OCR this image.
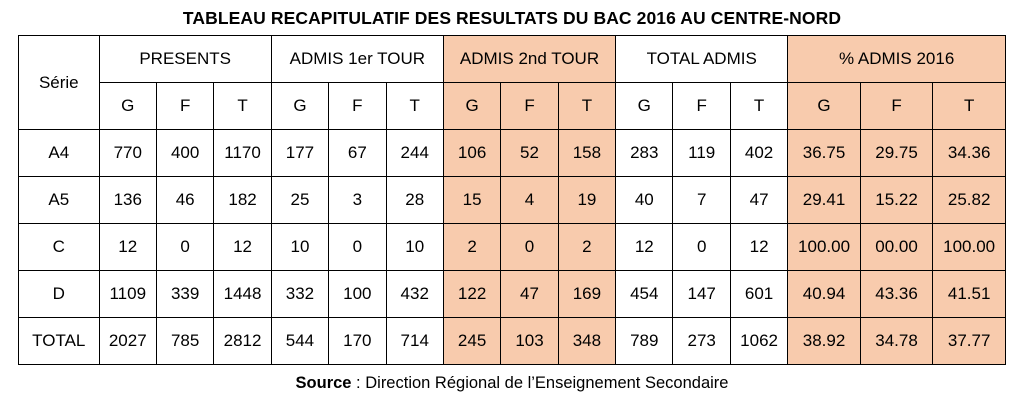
TABLEAU RECAPITULATIF DES RESULTATS DU BAC 2016 AU CENTRE-NORD
Série	PRESENTS			ADMIS 1er TOUR			ADMIS 2nd TOUR			TOTAL ADMIS			% ADMIS 2016		
	G	F	T	G	F	T	G	F	T	G	F	T	G	F	T
A4	770	400	1170	177	67	244	106	52	158	283	119	402	36.75	29.75	34.36
A5	136	46	182	25	3	28	15	4	19	40	7	47	29.41	15.22	25.82
C	12	0	12	10	0	10	2	0	2	12	0	12	100.00	00.00	100.00
D	1109	339	1448	332	100	432	122	47	169	454	147	601	40.94	43.36	41.51
TOTAL	2027	785	2812	544	170	714	245	103	348	789	273	1062	38.92	34.78	37.77
Source : Direction Régional de l’Enseignement Secondaire
